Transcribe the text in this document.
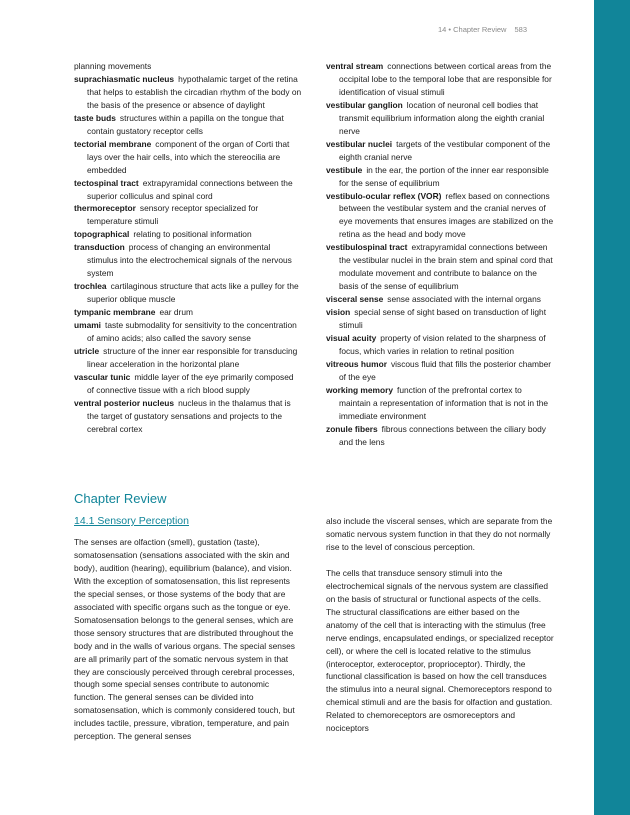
14 • Chapter Review 583

planning movements

suprachiasmatic nucleus hypothalamic target of the retina that helps to establish the circadian rhythm of the body on the basis of the presence or absence of daylight

taste buds structures within a papilla on the tongue that contain gustatory receptor cells

tectorial membrane component of the organ of Corti that lays over the hair cells, into which the stereocilia are embedded

tectospinal tract extrapyramidal connections between the superior colliculus and spinal cord

thermoreceptor sensory receptor specialized for temperature stimuli

topographical relating to positional information

transduction process of changing an environmental stimulus into the electrochemical signals of the nervous system

trochlea cartilaginous structure that acts like a pulley for the superior oblique muscle

tympanic membrane ear drum

umami taste submodality for sensitivity to the concentration of amino acids; also called the savory sense

utricle structure of the inner ear responsible for transducing linear acceleration in the horizontal plane

vascular tunic middle layer of the eye primarily composed of connective tissue with a rich blood supply

ventral posterior nucleus nucleus in the thalamus that is the target of gustatory sensations and projects to the cerebral cortex

ventral stream connections between cortical areas from the occipital lobe to the temporal lobe that are responsible for identification of visual stimuli

vestibular ganglion location of neuronal cell bodies that transmit equilibrium information along the eighth cranial nerve

vestibular nuclei targets of the vestibular component of the eighth cranial nerve

vestibule in the ear, the portion of the inner ear responsible for the sense of equilibrium

vestibulo-ocular reflex (VOR) reflex based on connections between the vestibular system and the cranial nerves of eye movements that ensures images are stabilized on the retina as the head and body move

vestibulospinal tract extrapyramidal connections between the vestibular nuclei in the brain stem and spinal cord that modulate movement and contribute to balance on the basis of the sense of equilibrium

visceral sense sense associated with the internal organs

vision special sense of sight based on transduction of light stimuli

visual acuity property of vision related to the sharpness of focus, which varies in relation to retinal position

vitreous humor viscous fluid that fills the posterior chamber of the eye

working memory function of the prefrontal cortex to maintain a representation of information that is not in the immediate environment

zonule fibers fibrous connections between the ciliary body and the lens

Chapter Review
14.1 Sensory Perception

The senses are olfaction (smell), gustation (taste), somatosensation (sensations associated with the skin and body), audition (hearing), equilibrium (balance), and vision. With the exception of somatosensation, this list represents the special senses, or those systems of the body that are associated with specific organs such as the tongue or eye. Somatosensation belongs to the general senses, which are those sensory structures that are distributed throughout the body and in the walls of various organs. The special senses are all primarily part of the somatic nervous system in that they are consciously perceived through cerebral processes, though some special senses contribute to autonomic function. The general senses can be divided into somatosensation, which is commonly considered touch, but includes tactile, pressure, vibration, temperature, and pain perception. The general senses

also include the visceral senses, which are separate from the somatic nervous system function in that they do not normally rise to the level of conscious perception.

The cells that transduce sensory stimuli into the electrochemical signals of the nervous system are classified on the basis of structural or functional aspects of the cells. The structural classifications are either based on the anatomy of the cell that is interacting with the stimulus (free nerve endings, encapsulated endings, or specialized receptor cell), or where the cell is located relative to the stimulus (interoceptor, exteroceptor, proprioceptor). Thirdly, the functional classification is based on how the cell transduces the stimulus into a neural signal. Chemoreceptors respond to chemical stimuli and are the basis for olfaction and gustation. Related to chemoreceptors are osmoreceptors and nociceptors
